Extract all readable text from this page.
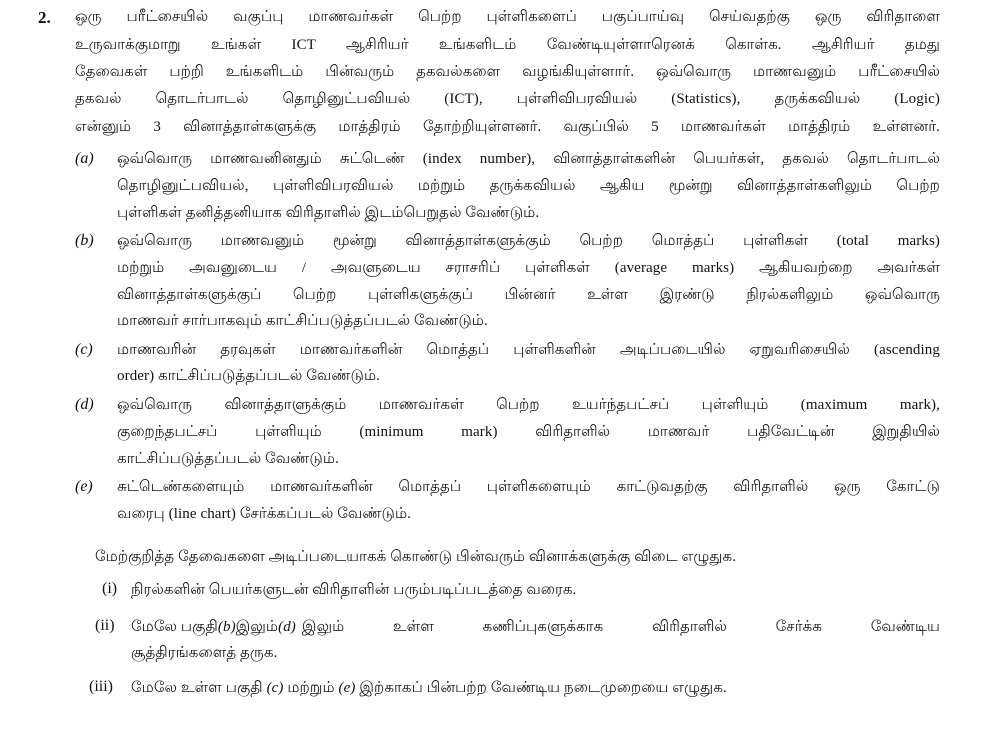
2. ஒரு பரீட்சையில் வகுப்பு மாணவர்கள் பெற்ற புள்ளிகளைப் பகுப்பாய்வு செய்வதற்கு ஒரு விரிதாளை
உருவாக்குமாறு உங்கள் ICT ஆசிரியர் உங்களிடம் வேண்டியுள்ளாரெனக் கொள்க. ஆசிரியர் தமது
தேவைகள் பற்றி உங்களிடம் பின்வரும் தகவல்களை வழங்கியுள்ளார். ஒவ்வொரு மாணவனும் பரீட்சையில்
தகவல் தொடர்பாடல் தொழினுட்பவியல் (ICT), புள்ளிவிபரவியல் (Statistics), தருக்கவியல் (Logic)
என்னும் 3 வினாத்தாள்களுக்கு மாத்திரம் தோற்றியுள்ளனர். வகுப்பில் 5 மாணவர்கள் மாத்திரம் உள்ளனர்.
(a) ஒவ்வொரு மாணவனினதும் சுட்டெண் (index number), வினாத்தாள்களின் பெயர்கள், தகவல் தொடர்பாடல்
தொழினுட்பவியல், புள்ளிவிபரவியல் மற்றும் தருக்கவியல் ஆகிய மூன்று வினாத்தாள்களிலும் பெற்ற
புள்ளிகள் தனித்தனியாக விரிதாளில் இடம்பெறுதல் வேண்டும்.
(b) ஒவ்வொரு மாணவனும் மூன்று வினாத்தாள்களுக்கும் பெற்ற மொத்தப் புள்ளிகள் (total marks)
மற்றும் அவனுடைய / அவளுடைய சராசரிப் புள்ளிகள் (average marks) ஆகியவற்றை அவர்கள்
வினாத்தாள்களுக்குப் பெற்ற புள்ளிகளுக்குப் பின்னர் உள்ள இரண்டு நிரல்களிலும் ஒவ்வொரு
மாணவர் சார்பாகவும் காட்சிப்படுத்தப்படல் வேண்டும்.
(c) மாணவரின் தரவுகள் மாணவர்களின் மொத்தப் புள்ளிகளின் அடிப்படையில் ஏறுவரிசையில் (ascending
order) காட்சிப்படுத்தப்படல் வேண்டும்.
(d) ஒவ்வொரு வினாத்தாளுக்கும் மாணவர்கள் பெற்ற உயர்ந்தபட்சப் புள்ளியும் (maximum mark),
குறைந்தபட்சப் புள்ளியும் (minimum mark) விரிதாளில் மாணவர் பதிவேட்டின் இறுதியில்
காட்சிப்படுத்தப்படல் வேண்டும்.
(e) சுட்டெண்களையும் மாணவர்களின் மொத்தப் புள்ளிகளையும் காட்டுவதற்கு விரிதாளில் ஒரு கோட்டு
வரைபு (line chart) சேர்க்கப்படல் வேண்டும்.
மேற்குறித்த தேவைகளை அடிப்படையாகக் கொண்டு பின்வரும் வினாக்களுக்கு விடை எழுதுக.
(i) நிரல்களின் பெயர்களுடன் விரிதாளின் பரும்படிப்படத்தை வரைக.
(ii) மேலே பகுதி (b) இலும் (d) இலும் உள்ள கணிப்புகளுக்காக விரிதாளில் சேர்க்க வேண்டிய
சூத்திரங்களைத் தருக.
(iii) மேலே உள்ள பகுதி (c) மற்றும் (e) இற்காகப் பின்பற்ற வேண்டிய நடைமுறையை எழுதுக.
